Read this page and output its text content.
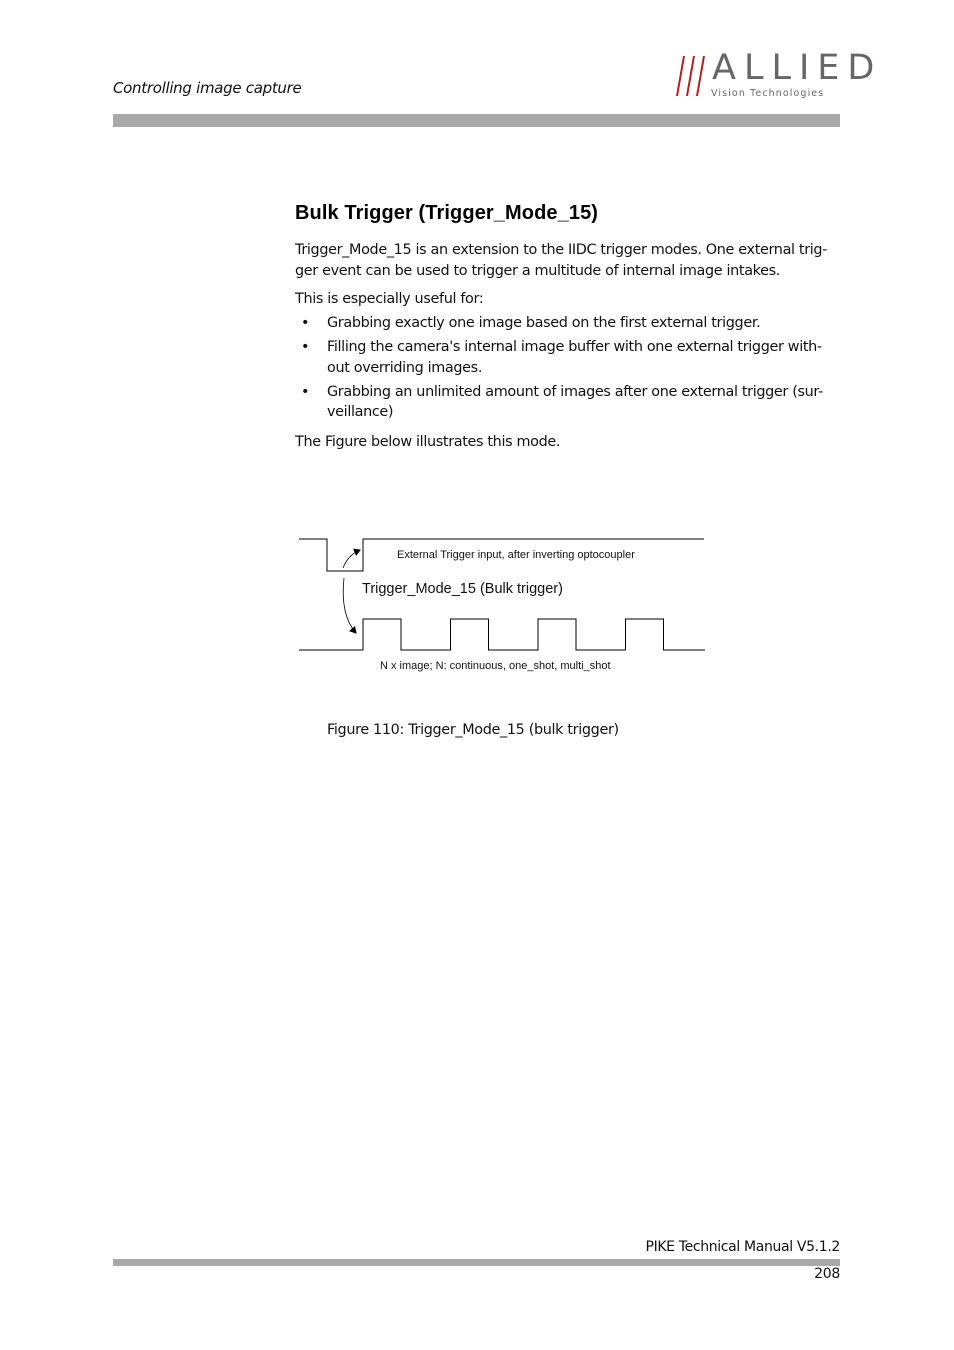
Controlling image capture	ALLIED
Vision Technologies
Bulk Trigger (Trigger_Mode_15)

Trigger_Mode_15 is an extension to the IIDC trigger modes. One external trig-
ger event can be used to trigger a multitude of internal image intakes.

This is especially useful for:

• Grabbing exactly one image based on the first external trigger.
• Filling the camera's internal image buffer with one external trigger with-
out overriding images.
• Grabbing an unlimited amount of images after one external trigger (sur-
veillance)

The Figure below illustrates this mode.

External Trigger input, after inverting optocoupler
Trigger_Mode_15 (Bulk trigger)
N x image; N: continuous, one_shot, multi_shot
Figure 110: Trigger_Mode_15 (bulk trigger)
PIKE Technical Manual V5.1.2
208
